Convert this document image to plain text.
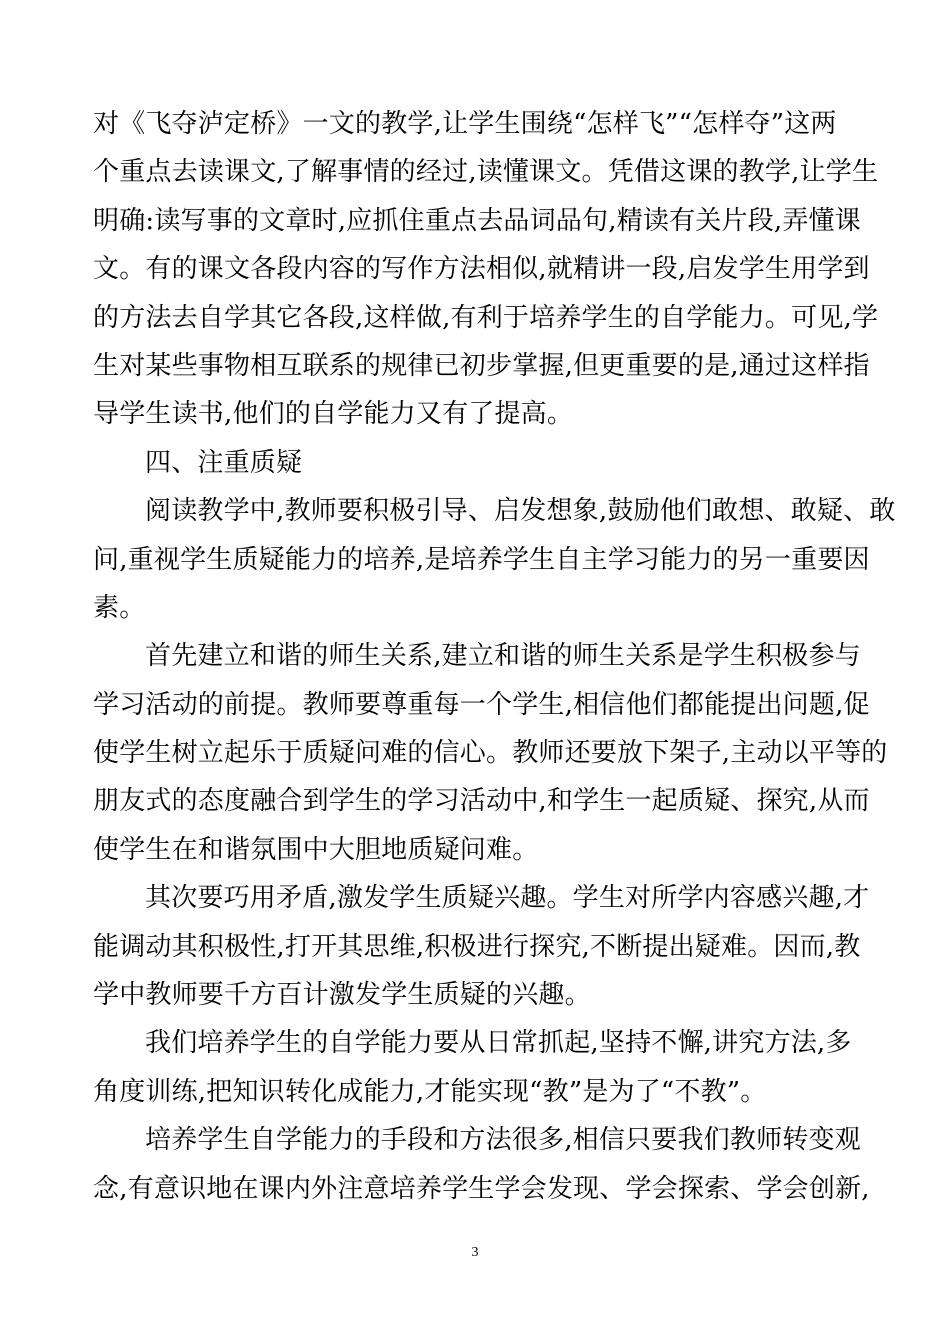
对《飞夺泸定桥》一文的教学,让学生围绕“怎样飞”“怎样夺”这两
个重点去读课文,了解事情的经过,读懂课文。凭借这课的教学,让学生
明确:读写事的文章时,应抓住重点去品词品句,精读有关片段,弄懂课
文。有的课文各段内容的写作方法相似,就精讲一段,启发学生用学到
的方法去自学其它各段,这样做,有利于培养学生的自学能力。可见,学
生对某些事物相互联系的规律已初步掌握,但更重要的是,通过这样指
导学生读书,他们的自学能力又有了提高。
四、注重质疑
阅读教学中,教师要积极引导、启发想象,鼓励他们敢想、敢疑、敢
问,重视学生质疑能力的培养,是培养学生自主学习能力的另一重要因
素。
首先建立和谐的师生关系,建立和谐的师生关系是学生积极参与
学习活动的前提。教师要尊重每一个学生,相信他们都能提出问题,促
使学生树立起乐于质疑问难的信心。教师还要放下架子,主动以平等的
朋友式的态度融合到学生的学习活动中,和学生一起质疑、探究,从而
使学生在和谐氛围中大胆地质疑问难。
其次要巧用矛盾,激发学生质疑兴趣。学生对所学内容感兴趣,才
能调动其积极性,打开其思维,积极进行探究,不断提出疑难。因而,教
学中教师要千方百计激发学生质疑的兴趣。
我们培养学生的自学能力要从日常抓起,坚持不懈,讲究方法,多
角度训练,把知识转化成能力,才能实现“教”是为了“不教”。
培养学生自学能力的手段和方法很多,相信只要我们教师转变观
念,有意识地在课内外注意培养学生学会发现、学会探索、学会创新,
3
